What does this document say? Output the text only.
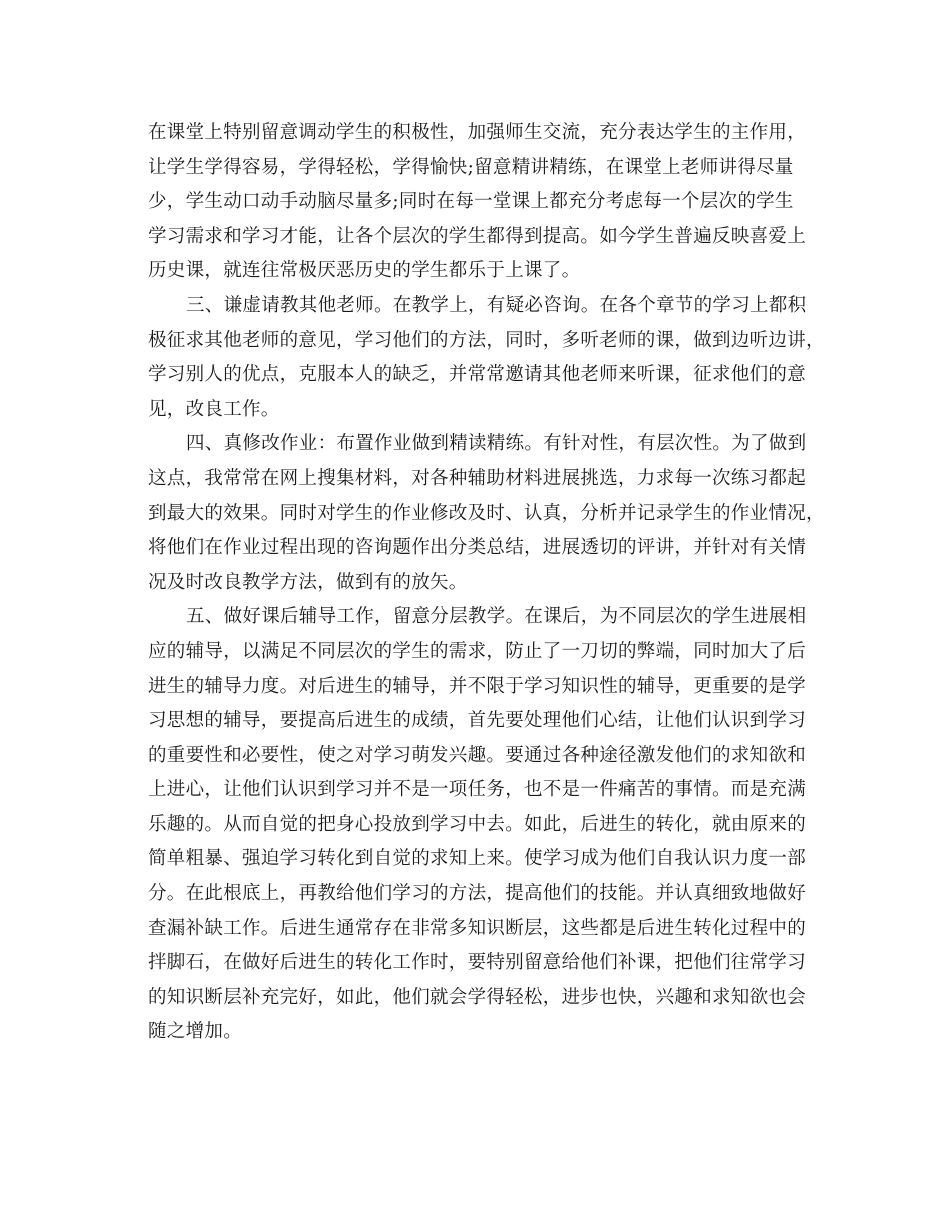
在课堂上特别留意调动学生的积极性，加强师生交流，充分表达学生的主作用，
让学生学得容易，学得轻松，学得愉快;留意精讲精练，在课堂上老师讲得尽量
少，学生动口动手动脑尽量多;同时在每一堂课上都充分考虑每一个层次的学生
学习需求和学习才能，让各个层次的学生都得到提高。如今学生普遍反映喜爱上
历史课，就连往常极厌恶历史的学生都乐于上课了。
三、谦虚请教其他老师。在教学上，有疑必咨询。在各个章节的学习上都积
极征求其他老师的意见，学习他们的方法，同时，多听老师的课，做到边听边讲，
学习别人的优点，克服本人的缺乏，并常常邀请其他老师来听课，征求他们的意
见，改良工作。
四、真修改作业：布置作业做到精读精练。有针对性，有层次性。为了做到
这点，我常常在网上搜集材料，对各种辅助材料进展挑选，力求每一次练习都起
到最大的效果。同时对学生的作业修改及时、认真，分析并记录学生的作业情况，
将他们在作业过程出现的咨询题作出分类总结，进展透切的评讲，并针对有关情
况及时改良教学方法，做到有的放矢。
五、做好课后辅导工作，留意分层教学。在课后，为不同层次的学生进展相
应的辅导，以满足不同层次的学生的需求，防止了一刀切的弊端，同时加大了后
进生的辅导力度。对后进生的辅导，并不限于学习知识性的辅导，更重要的是学
习思想的辅导，要提高后进生的成绩，首先要处理他们心结，让他们认识到学习
的重要性和必要性，使之对学习萌发兴趣。要通过各种途径激发他们的求知欲和
上进心，让他们认识到学习并不是一项任务，也不是一件痛苦的事情。而是充满
乐趣的。从而自觉的把身心投放到学习中去。如此，后进生的转化，就由原来的
简单粗暴、强迫学习转化到自觉的求知上来。使学习成为他们自我认识力度一部
分。在此根底上，再教给他们学习的方法，提高他们的技能。并认真细致地做好
查漏补缺工作。后进生通常存在非常多知识断层，这些都是后进生转化过程中的
拌脚石，在做好后进生的转化工作时，要特别留意给他们补课，把他们往常学习
的知识断层补充完好，如此，他们就会学得轻松，进步也快，兴趣和求知欲也会
随之增加。
